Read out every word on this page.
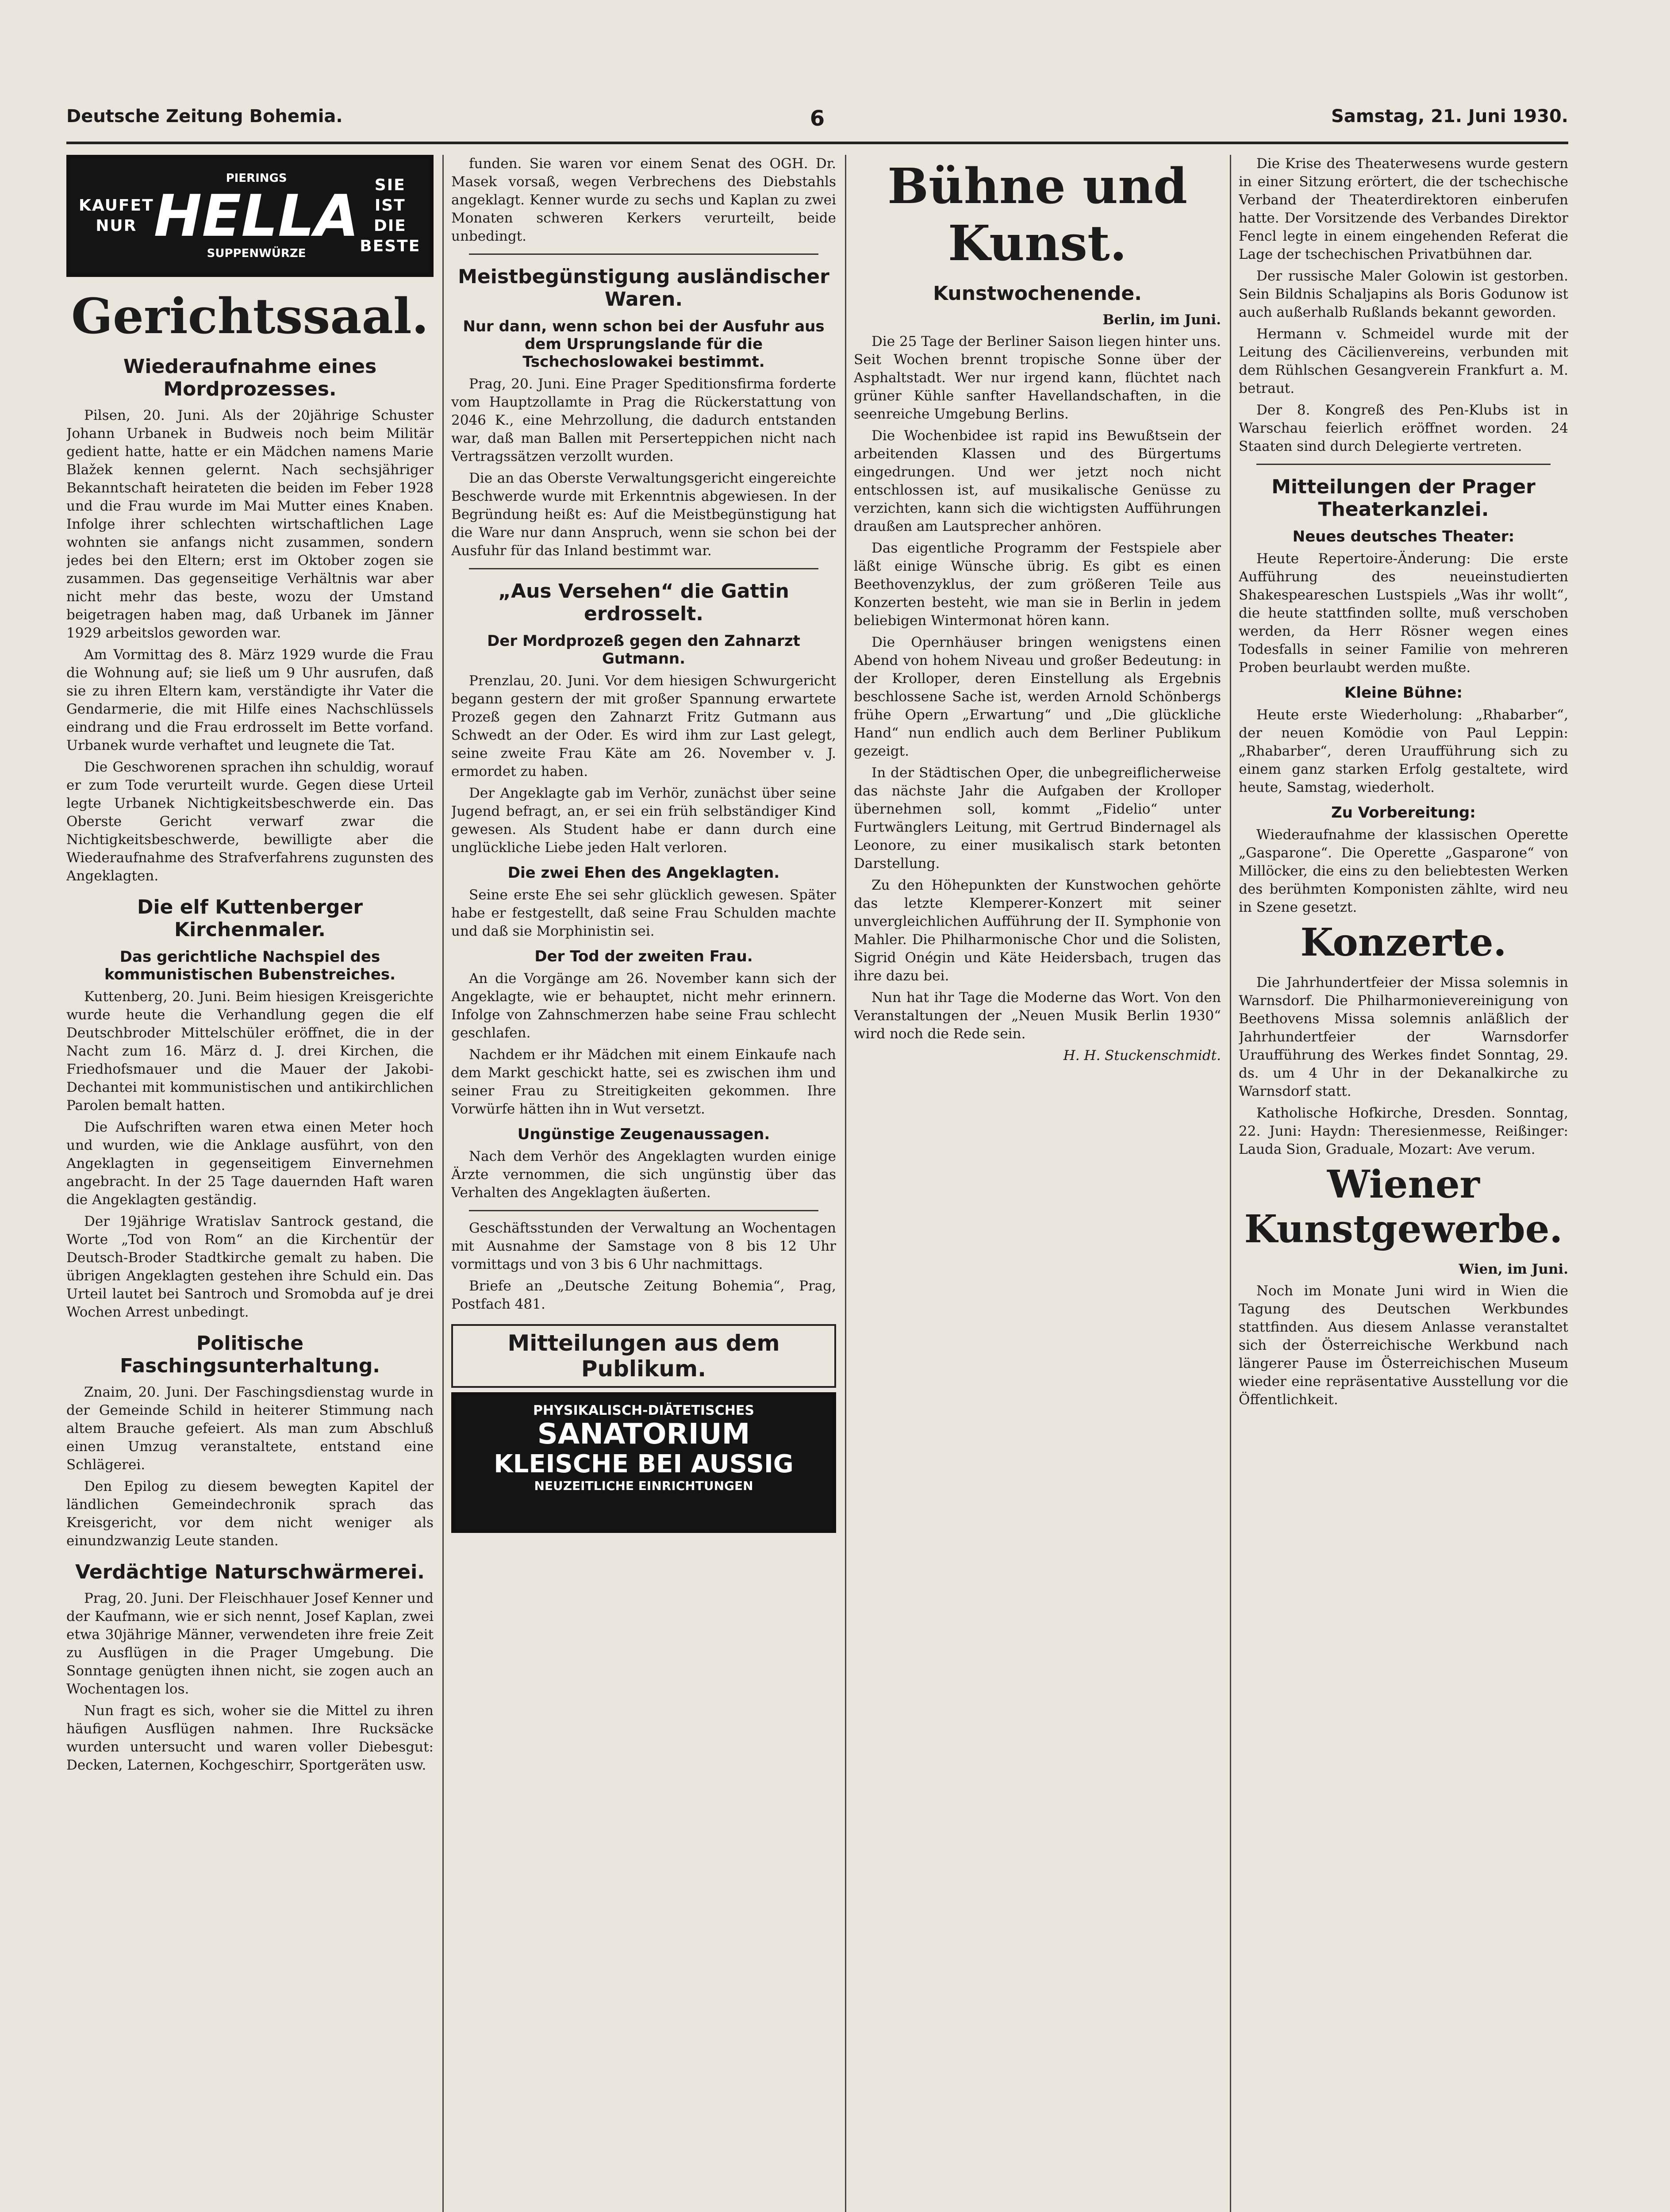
Deutsche Zeitung Bohemia.	6	Samstag, 21. Juni 1930.
KAUFET NUR
PIERINGS
HELLA
SUPPENWÜRZE
SIE IST DIE BESTE
Gerichtssaal.
Wiederaufnahme eines Mordprozesses.

Pilsen, 20. Juni. Als der 20jährige Schuster Johann Urbanek in Budweis noch beim Militär gedient hatte, hatte er ein Mädchen namens Marie Blažek kennen gelernt. Nach sechsjähriger Bekanntschaft heirateten die beiden im Feber 1928 und die Frau wurde im Mai Mutter eines Knaben. Infolge ihrer schlechten wirtschaftlichen Lage wohnten sie anfangs nicht zusammen, sondern jedes bei den Eltern; erst im Oktober zogen sie zusammen. Das gegenseitige Verhältnis war aber nicht mehr das beste, wozu der Umstand beigetragen haben mag, daß Urbanek im Jänner 1929 arbeitslos geworden war.

Am Vormittag des 8. März 1929 wurde die Frau die Wohnung auf; sie ließ um 9 Uhr ausrufen, daß sie zu ihren Eltern kam, verständigte ihr Vater die Gendarmerie, die mit Hilfe eines Nachschlüssels eindrang und die Frau erdrosselt im Bette vorfand. Urbanek wurde verhaftet und leugnete die Tat.

Die Geschworenen sprachen ihn schuldig, worauf er zum Tode verurteilt wurde. Gegen diese Urteil legte Urbanek Nichtigkeitsbeschwerde ein. Das Oberste Gericht verwarf zwar die Nichtigkeitsbeschwerde, bewilligte aber die Wiederaufnahme des Strafverfahrens zugunsten des Angeklagten.

Die elf Kuttenberger Kirchenmaler.
Das gerichtliche Nachspiel des kommunistischen Bubenstreiches.

Kuttenberg, 20. Juni. Beim hiesigen Kreisgerichte wurde heute die Verhandlung gegen die elf Deutschbroder Mittelschüler eröffnet, die in der Nacht zum 16. März d. J. drei Kirchen, die Friedhofsmauer und die Mauer der Jakobi-Dechantei mit kommunistischen und antikirchlichen Parolen bemalt hatten.

Die Aufschriften waren etwa einen Meter hoch und wurden, wie die Anklage ausführt, von den Angeklagten in gegenseitigem Einvernehmen angebracht. In der 25 Tage dauernden Haft waren die Angeklagten geständig.

Der 19jährige Wratislav Santrock gestand, die Worte „Tod von Rom“ an die Kirchentür der Deutsch-Broder Stadtkirche gemalt zu haben. Die übrigen Angeklagten gestehen ihre Schuld ein. Das Urteil lautet bei Santroch und Sromobda auf je drei Wochen Arrest unbedingt.

Politische Faschingsunterhaltung.

Znaim, 20. Juni. Der Faschingsdienstag wurde in der Gemeinde Schild in heiterer Stimmung nach altem Brauche gefeiert. Als man zum Abschluß einen Umzug veranstaltete, entstand eine Schlägerei.

Den Epilog zu diesem bewegten Kapitel der ländlichen Gemeindechronik sprach das Kreisgericht, vor dem nicht weniger als einundzwanzig Leute standen.

Verdächtige Naturschwärmerei.

Prag, 20. Juni. Der Fleischhauer Josef Kenner und der Kaufmann, wie er sich nennt, Josef Kaplan, zwei etwa 30jährige Männer, verwendeten ihre freie Zeit zu Ausflügen in die Prager Umgebung. Die Sonntage genügten ihnen nicht, sie zogen auch an Wochentagen los.

Nun fragt es sich, woher sie die Mittel zu ihren häufigen Ausflügen nahmen. Ihre Rucksäcke wurden untersucht und waren voller Diebesgut: Decken, Laternen, Kochgeschirr, Sportgeräten usw.

funden. Sie waren vor einem Senat des OGH. Dr. Masek vorsaß, wegen Verbrechens des Diebstahls angeklagt. Kenner wurde zu sechs und Kaplan zu zwei Monaten schweren Kerkers verurteilt, beide unbedingt.

Meistbegünstigung ausländischer Waren.
Nur dann, wenn schon bei der Ausfuhr aus dem Ursprungslande für die Tschechoslowakei bestimmt.

Prag, 20. Juni. Eine Prager Speditionsfirma forderte vom Hauptzollamte in Prag die Rückerstattung von 2046 K., eine Mehrzollung, die dadurch entstanden war, daß man Ballen mit Perserteppichen nicht nach Vertragssätzen verzollt wurden.

Die an das Oberste Verwaltungsgericht eingereichte Beschwerde wurde mit Erkenntnis abgewiesen. In der Begründung heißt es: Auf die Meistbegünstigung hat die Ware nur dann Anspruch, wenn sie schon bei der Ausfuhr für das Inland bestimmt war.

„Aus Versehen“ die Gattin erdrosselt.
Der Mordprozeß gegen den Zahnarzt Gutmann.

Prenzlau, 20. Juni. Vor dem hiesigen Schwurgericht begann gestern der mit großer Spannung erwartete Prozeß gegen den Zahnarzt Fritz Gutmann aus Schwedt an der Oder. Es wird ihm zur Last gelegt, seine zweite Frau Käte am 26. November v. J. ermordet zu haben.

Der Angeklagte gab im Verhör, zunächst über seine Jugend befragt, an, er sei ein früh selbständiger Kind gewesen. Als Student habe er dann durch eine unglückliche Liebe jeden Halt verloren.

Die zwei Ehen des Angeklagten.

Seine erste Ehe sei sehr glücklich gewesen. Später habe er festgestellt, daß seine Frau Schulden machte und daß sie Morphinistin sei.

Der Tod der zweiten Frau.

An die Vorgänge am 26. November kann sich der Angeklagte, wie er behauptet, nicht mehr erinnern. Infolge von Zahnschmerzen habe seine Frau schlecht geschlafen.

Nachdem er ihr Mädchen mit einem Einkaufe nach dem Markt geschickt hatte, sei es zwischen ihm und seiner Frau zu Streitigkeiten gekommen. Ihre Vorwürfe hätten ihn in Wut versetzt.

Ungünstige Zeugenaussagen.

Nach dem Verhör des Angeklagten wurden einige Ärzte vernommen, die sich ungünstig über das Verhalten des Angeklagten äußerten.

Geschäftsstunden der Verwaltung an Wochentagen mit Ausnahme der Samstage von 8 bis 12 Uhr vormittags und von 3 bis 6 Uhr nachmittags.

Briefe an „Deutsche Zeitung Bohemia“, Prag, Postfach 481.

Mitteilungen aus dem Publikum.
PHYSIKALISCH-DIÄTETISCHES
SANATORIUM
KLEISCHE BEI AUSSIG
NEUZEITLICHE EINRICHTUNGEN
Bühne und Kunst.
Kunstwochenende.

Berlin, im Juni.

Die 25 Tage der Berliner Saison liegen hinter uns. Seit Wochen brennt tropische Sonne über der Asphaltstadt. Wer nur irgend kann, flüchtet nach grüner Kühle sanfter Havellandschaften, in die seenreiche Umgebung Berlins.

Die Wochenbidee ist rapid ins Bewußtsein der arbeitenden Klassen und des Bürgertums eingedrungen. Und wer jetzt noch nicht entschlossen ist, auf musikalische Genüsse zu verzichten, kann sich die wichtigsten Aufführungen draußen am Lautsprecher anhören.

Das eigentliche Programm der Festspiele aber läßt einige Wünsche übrig. Es gibt es einen Beethovenzyklus, der zum größeren Teile aus Konzerten besteht, wie man sie in Berlin in jedem beliebigen Wintermonat hören kann.

Die Opernhäuser bringen wenigstens einen Abend von hohem Niveau und großer Bedeutung: in der Krolloper, deren Einstellung als Ergebnis beschlossene Sache ist, werden Arnold Schönbergs frühe Opern „Erwartung“ und „Die glückliche Hand“ nun endlich auch dem Berliner Publikum gezeigt.

In der Städtischen Oper, die unbegreiflicherweise das nächste Jahr die Aufgaben der Krolloper übernehmen soll, kommt „Fidelio“ unter Furtwänglers Leitung, mit Gertrud Bindernagel als Leonore, zu einer musikalisch stark betonten Darstellung.

Zu den Höhepunkten der Kunstwochen gehörte das letzte Klemperer-Konzert mit seiner unvergleichlichen Aufführung der II. Symphonie von Mahler. Die Philharmonische Chor und die Solisten, Sigrid Onégin und Käte Heidersbach, trugen das ihre dazu bei.

Nun hat ihr Tage die Moderne das Wort. Von den Veranstaltungen der „Neuen Musik Berlin 1930“ wird noch die Rede sein.

H. H. Stuckenschmidt.

Die Krise des Theaterwesens wurde gestern in einer Sitzung erörtert, die der tschechische Verband der Theaterdirektoren einberufen hatte. Der Vorsitzende des Verbandes Direktor Fencl legte in einem eingehenden Referat die Lage der tschechischen Privatbühnen dar.

Der russische Maler Golowin ist gestorben. Sein Bildnis Schaljapins als Boris Godunow ist auch außerhalb Rußlands bekannt geworden.

Hermann v. Schmeidel wurde mit der Leitung des Cäcilienvereins, verbunden mit dem Rühlschen Gesangverein Frankfurt a. M. betraut.

Der 8. Kongreß des Pen-Klubs ist in Warschau feierlich eröffnet worden. 24 Staaten sind durch Delegierte vertreten.

Mitteilungen der Prager Theaterkanzlei.
Neues deutsches Theater:

Heute Repertoire-Änderung: Die erste Aufführung des neueinstudierten Shakespeareschen Lustspiels „Was ihr wollt“, die heute stattfinden sollte, muß verschoben werden, da Herr Rösner wegen eines Todesfalls in seiner Familie von mehreren Proben beurlaubt werden mußte.

Kleine Bühne:

Heute erste Wiederholung: „Rhabarber“, der neuen Komödie von Paul Leppin: „Rhabarber“, deren Uraufführung sich zu einem ganz starken Erfolg gestaltete, wird heute, Samstag, wiederholt.

Zu Vorbereitung:

Wiederaufnahme der klassischen Operette „Gasparone“. Die Operette „Gasparone“ von Millöcker, die eins zu den beliebtesten Werken des berühmten Komponisten zählte, wird neu in Szene gesetzt.

Konzerte.

Die Jahrhundertfeier der Missa solemnis in Warnsdorf. Die Philharmonievereinigung von Beethovens Missa solemnis anläßlich der Jahrhundertfeier der Warnsdorfer Uraufführung des Werkes findet Sonntag, 29. ds. um 4 Uhr in der Dekanalkirche zu Warnsdorf statt.

Katholische Hofkirche, Dresden. Sonntag, 22. Juni: Haydn: Theresienmesse, Reißinger: Lauda Sion, Graduale, Mozart: Ave verum.

Wiener Kunstgewerbe.

Wien, im Juni.

Noch im Monate Juni wird in Wien die Tagung des Deutschen Werkbundes stattfinden. Aus diesem Anlasse veranstaltet sich der Österreichische Werkbund nach längerer Pause im Österreichischen Museum wieder eine repräsentative Ausstellung vor die Öffentlichkeit.
